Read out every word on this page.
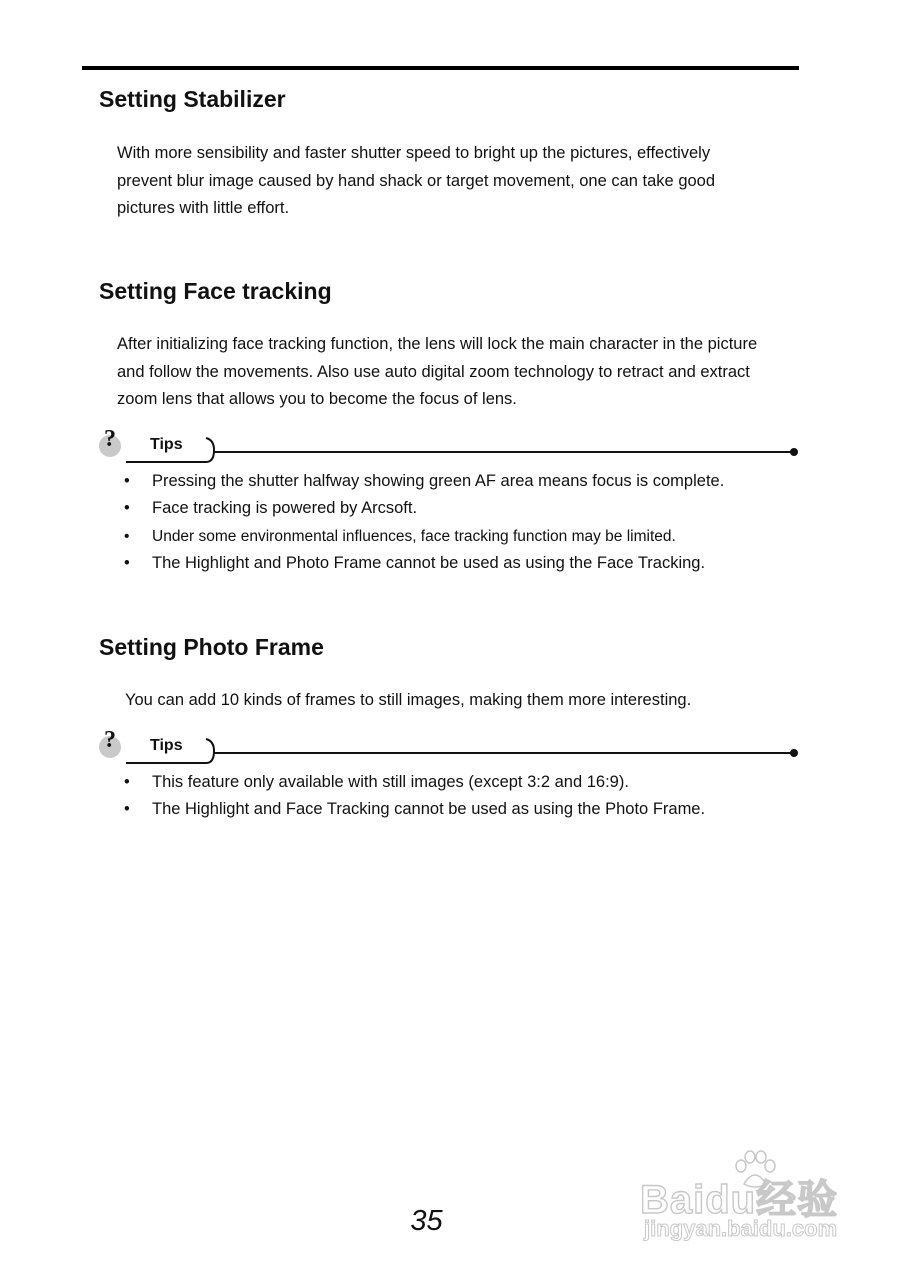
Setting Stabilizer
With more sensibility and faster shutter speed to bright up the pictures, effectively
prevent blur image caused by hand shack or target movement, one can take good
pictures with little effort.
Setting Face tracking
After initializing face tracking function, the lens will lock the main character in the picture
and follow the movements. Also use auto digital zoom technology to retract and extract
zoom lens that allows you to become the focus of lens.
? Tips
• Pressing the shutter halfway showing green AF area means focus is complete.
• Face tracking is powered by Arcsoft.
• Under some environmental influences, face tracking function may be limited.
• The Highlight and Photo Frame cannot be used as using the Face Tracking.
Setting Photo Frame
You can add 10 kinds of frames to still images, making them more interesting.
? Tips
• This feature only available with still images (except 3:2 and 16:9).
• The Highlight and Face Tracking cannot be used as using the Photo Frame.
35	Baidu经验
jingyan.baidu.com
